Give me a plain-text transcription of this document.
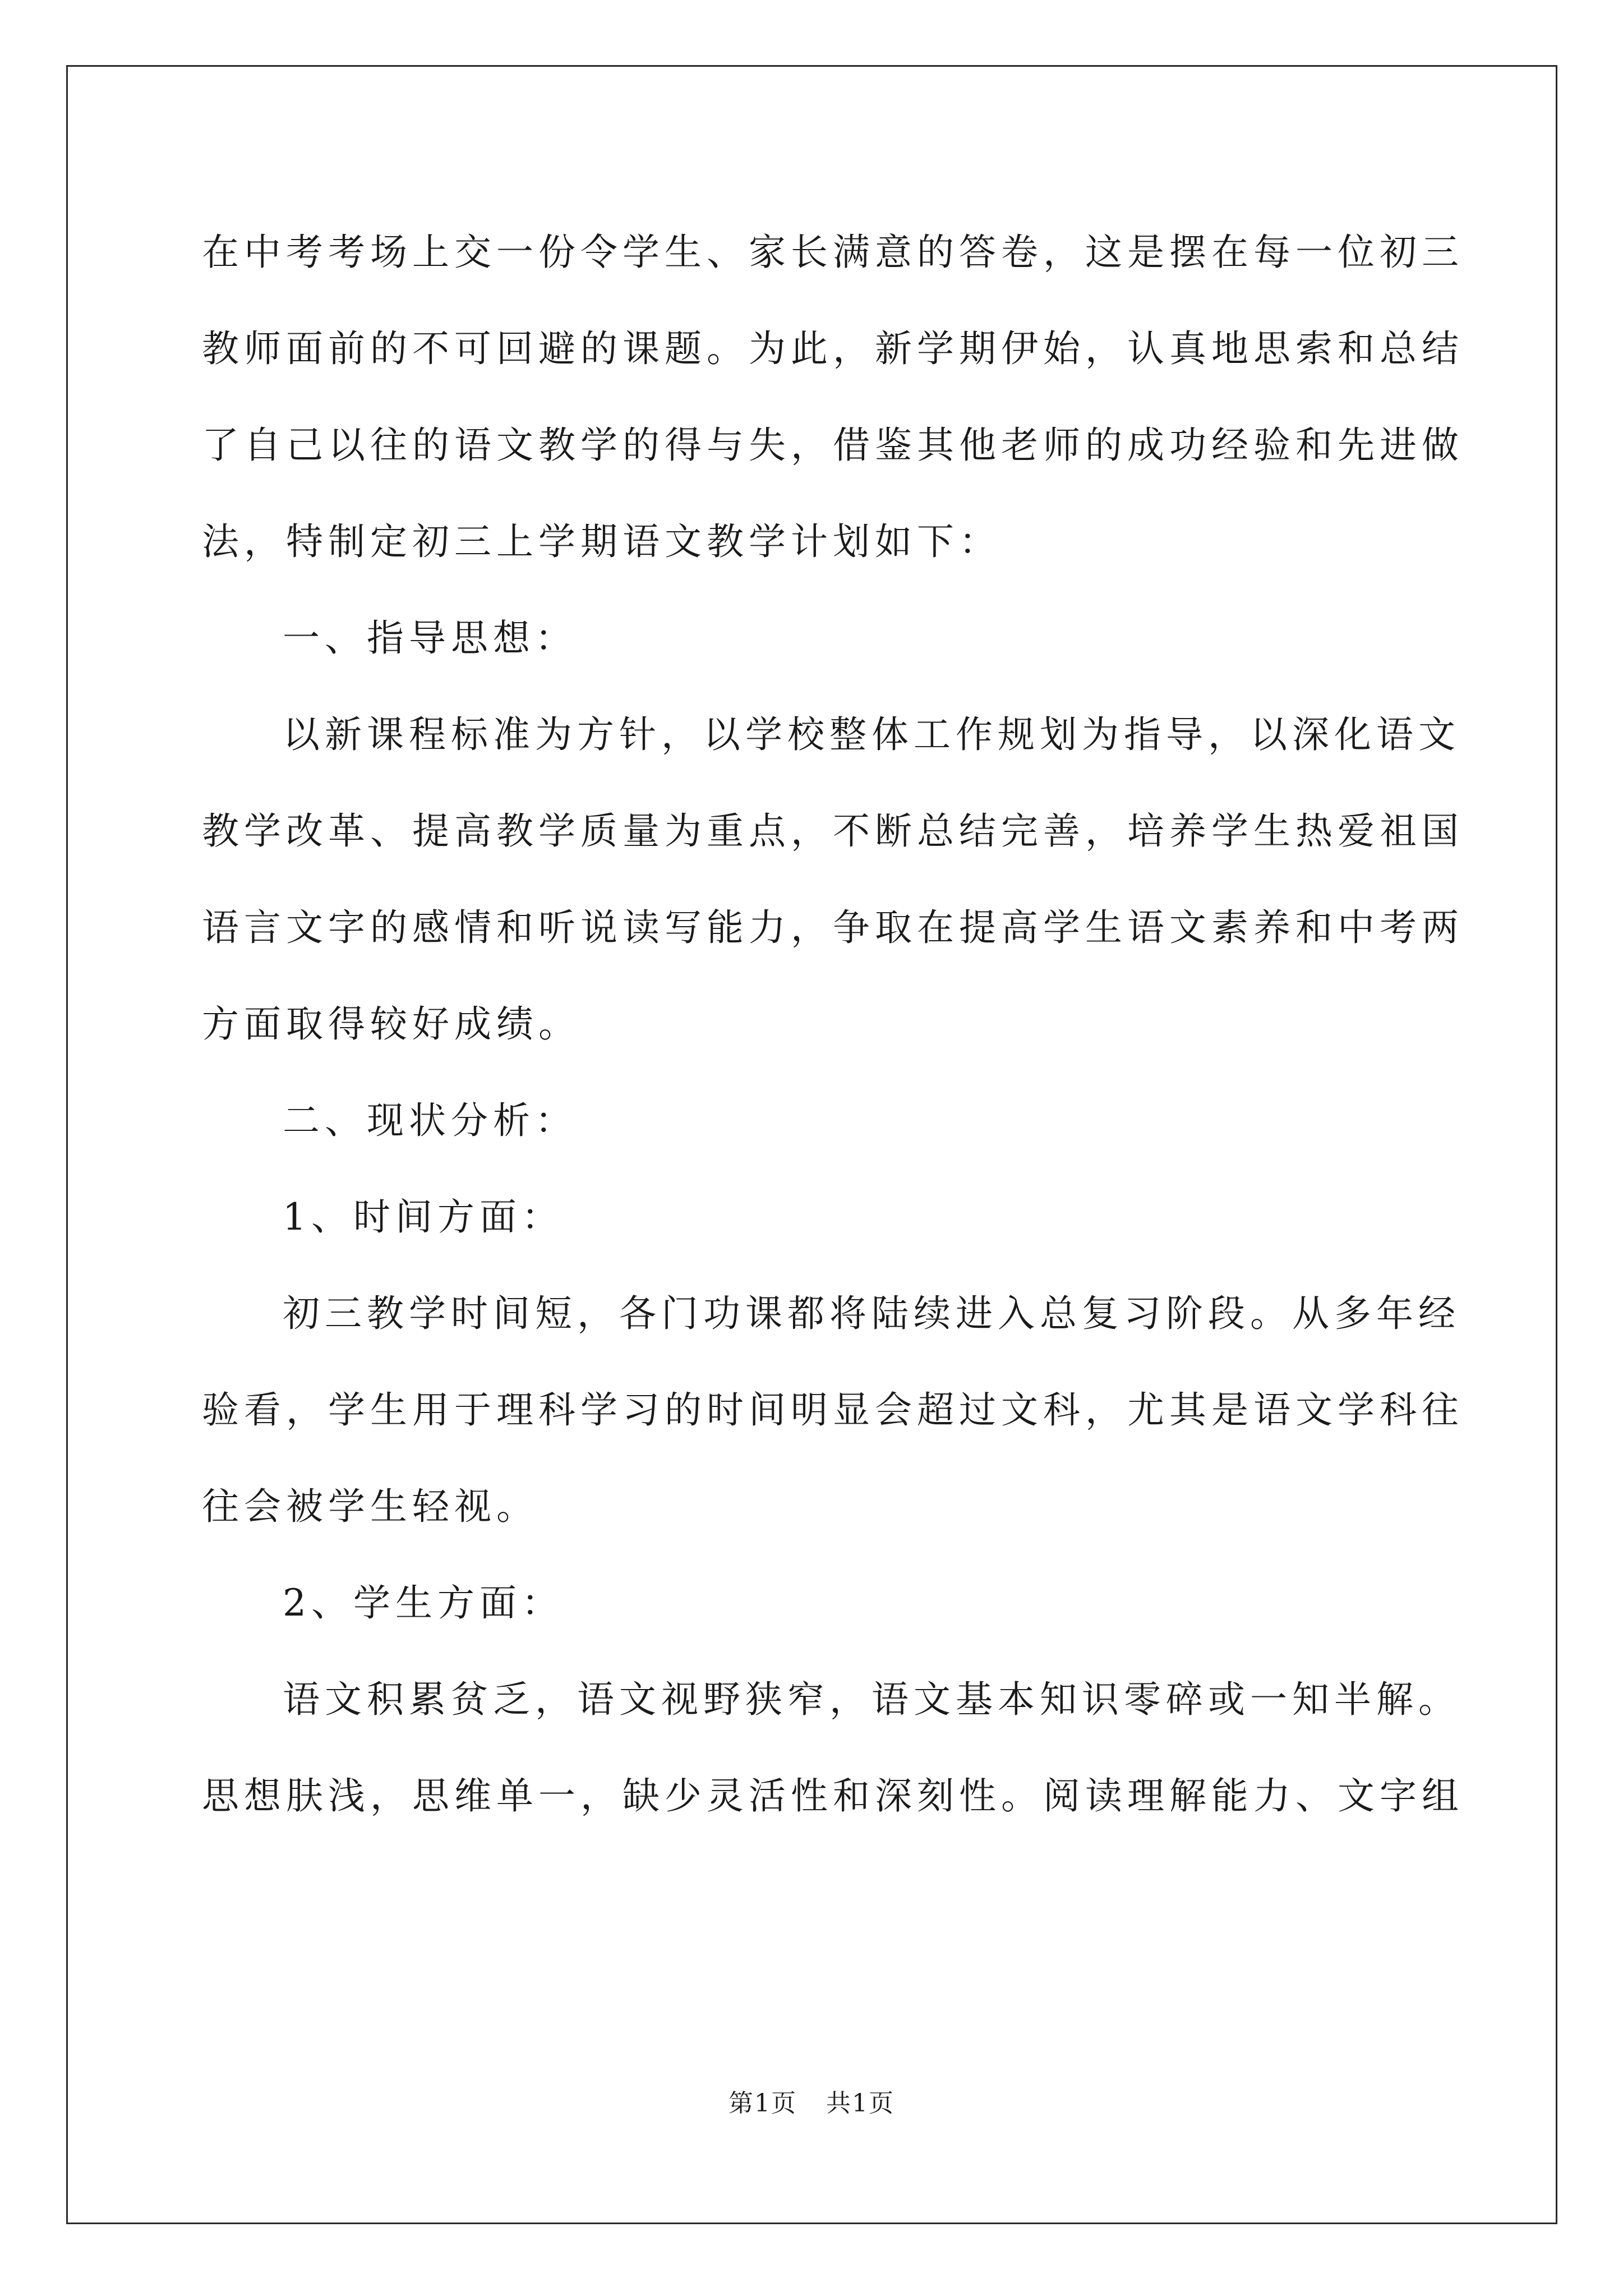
在中考考场上交一份令学生、家长满意的答卷，这是摆在每一位初三
教师面前的不可回避的课题。为此，新学期伊始，认真地思索和总结
了自己以往的语文教学的得与失，借鉴其他老师的成功经验和先进做
法，特制定初三上学期语文教学计划如下：
一、指导思想：
以新课程标准为方针，以学校整体工作规划为指导，以深化语文
教学改革、提高教学质量为重点，不断总结完善，培养学生热爱祖国
语言文字的感情和听说读写能力，争取在提高学生语文素养和中考两
方面取得较好成绩。
二、现状分析：
1、时间方面：
初三教学时间短，各门功课都将陆续进入总复习阶段。从多年经
验看，学生用于理科学习的时间明显会超过文科，尤其是语文学科往
往会被学生轻视。
2、学生方面：
语文积累贫乏，语文视野狭窄，语文基本知识零碎或一知半解。
思想肤浅，思维单一，缺少灵活性和深刻性。阅读理解能力、文字组
第1页 共1页
